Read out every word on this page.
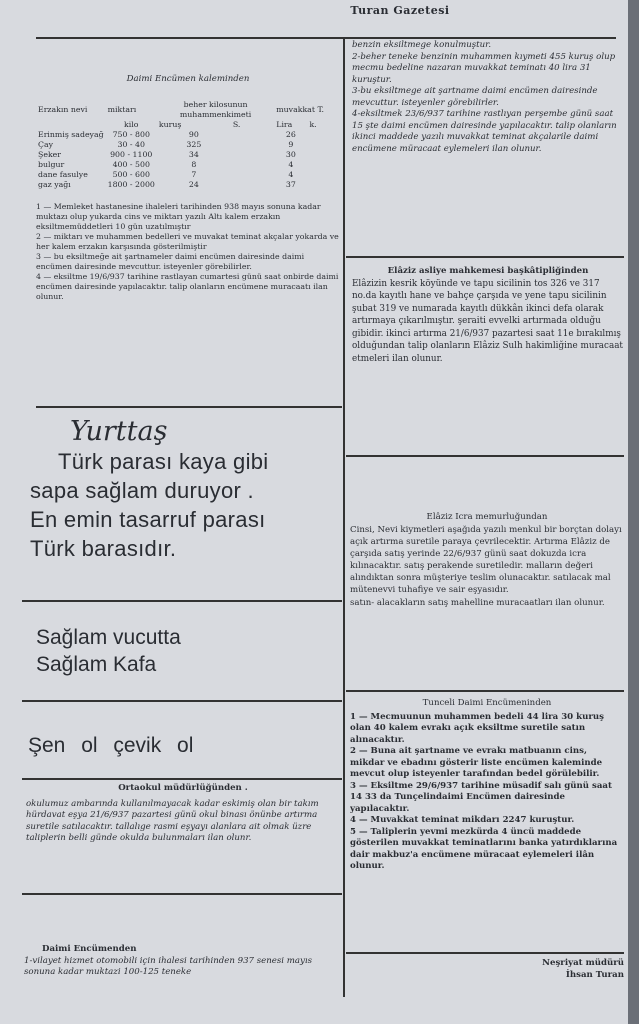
Turan Gazetesi
Daimi Encümen kaleminden
Erzakın nevi	miktarı	beher kilosunun muhammenkimeti			muvakkat T.	
	kilo	kuruş	S.		Lira	k.
Erinmiş sadeyağ	750 - 800	90			26	
Çay	30 - 40	325			9	
Şeker	900 - 1100	34			30	
bulgur	400 - 500	8			4	
dane fasulye	500 - 600	7			4	
gaz yağı	1800 - 2000	24			37	

1 — Memleket hastanesine ihaleleri tarihinden 938 mayıs sonuna kadar muktazı olup yukarda cins ve miktarı yazılı Altı kalem erzakın eksiltmemüddetleri 10 gün uzatılmıştır

2 — miktarı ve muhammen bedelleri ve muvakat teminat akçalar yokarda ve her kalem erzakın karşısında gösterilmiştir

3 — bu eksiltmeğe ait şartnameler daimi encümen dairesinde daimi encümen dairesinde mevcuttur. isteyenler görebilirler.

4 — eksiltme 19/6/937 tarihine rastlayan cumartesi günü saat onbirde daimi encümen dairesinde yapılacaktır. talip olanların encümene muracaatı ilan olunur.

Yurttaş
Türk parası kaya gibi
sapa sağlam duruyor .
En emin tasarruf parası
Türk barasıdır.
Sağlam vucutta
Sağlam Kafa
Şen ol çevik ol
Ortaokul müdürlüğünden .
okulumuz ambarında kullanılmayacak kadar eskimiş olan bir takım hürdavat eşya 21/6/937 pazartesi günü okul binası önünbe artırma suretile satılacaktır. tallalıge rasmi eşyayı alanlara ait olmak üzre taliplerin belli günde okulda bulunmaları ilan olunr.
Daimi Encümenden
1-vilayet hizmet otomobili için ihalesi tarihinden 937 senesi mayıs sonuna kadar muktazi 100-125 teneke

benzin eksiltmege konulmuştur.

2-beher teneke benzinin muhammen kıymeti 455 kuruş olup mecmu bedeline nazaran muvakkat teminatı 40 lira 31 kuruştur.

3-bu eksiltmege ait şartname daimi encümen dairesinde mevcuttur. isteyenler görebilirler.

4-eksiltmek 23/6/937 tarihine rastlıyan perşembe günü saat 15 şte daimi encümen dairesinde yapılacaktır. talip olanların ikinci maddede yazılı muvakkat teminat akçalarile daimi encümene müracaat eylemeleri ilan olunur.

Elâziz asliye mahkemesi başkâtipliğinden
Elâzizin kesrik köyünde ve tapu sicilinin tos 326 ve 317 no.da kayıtlı hane ve bahçe çarşıda ve yene tapu sicilinin şubat 319 ve numarada kayıtlı dükkân ikinci defa olarak artırmaya çıkarılmıştır. şeraiti evvelki artırmada olduğu gibidir. ikinci artırma 21/6/937 pazartesi saat 11e bırakılmış olduğundan talip olanların Elâziz Sulh hakimliğine muracaat etmeleri ilan olunur.
Elâziz İcra memurluğundan
Cinsi, Nevi kiymetleri aşağıda yazılı menkul bir borçtan dolayı açık artırma suretile paraya çevrilecektir. Artırma Elâziz de çarşıda satış yerinde 22/6/937 günü saat dokuzda icra kılınacaktır. satış perakende suretiledir. malların değeri alındıktan sonra müşteriye teslim olunacaktır. satılacak mal mütenevvi tuhafiye ve sair eşyasıdır.
satın- alacakların satış mahelline muracaatları ilan olunur.
Tunceli Daimi Encümeninden

1 — Mecmuunun muhammen bedeli 44 lira 30 kuruş olan 40 kalem evrakı açık eksiltme suretile satın alınacaktır.

2 — Buna ait şartname ve evrakı matbuanın cins, mikdar ve ebadını gösterir liste encümen kaleminde mevcut olup isteyenler tarafından bedel görülebilir.

3 — Eksiltme 29/6/937 tarihine müsadif salı günü saat 14 33 da Tunçelindaimi Encümen dairesinde yapılacaktır.

4 — Muvakkat teminat mikdarı 2247 kuruştur.

5 — Taliplerin yevmi mezkürda 4 üncü maddede gösterilen muvakkat teminatlarını banka yatırdıklarına dair makbuz'a encümene müracaat eylemeleri ilân olunur.

Neşriyat müdürü
İhsan Turan
